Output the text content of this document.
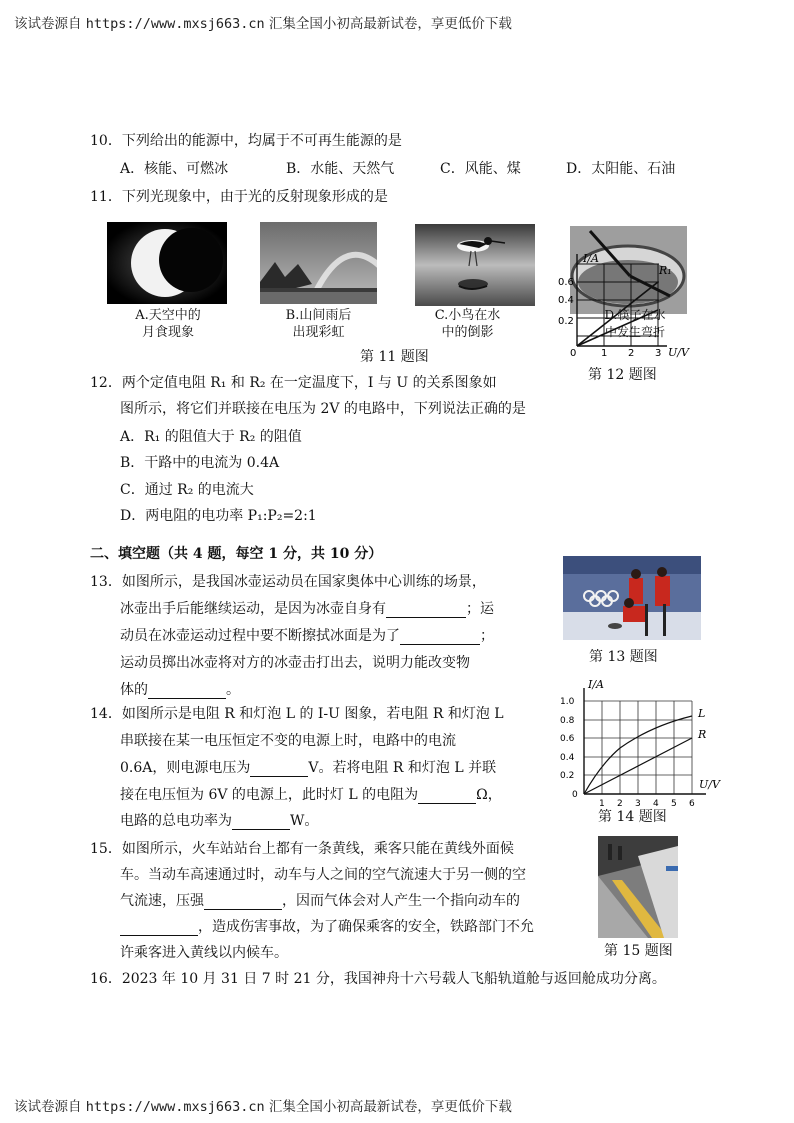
该试卷源自 https://www.mxsj663.cn 汇集全国小初高最新试卷，享更低价下载
10．下列给出的能源中，均属于不可再生能源的是
A．核能、可燃冰	B．水能、天然气	C．风能、煤	D．太阳能、石油
11．下列光现象中，由于光的反射现象形成的是
A.天空中的
月食现象
B.山间雨后
出现彩虹
C.小鸟在水
中的倒影
第 11 题图
D.筷子在水
中发生弯折
I/A
R₁
0.6
0.4
0.2
0 1 2 3 U/V
第 12 题图
12．两个定值电阻 R₁ 和 R₂ 在一定温度下，I 与 U 的关系图象如
图所示，将它们并联接在电压为 2V 的电路中，下列说法正确的是
A．R₁ 的阻值大于 R₂ 的阻值
B．干路中的电流为 0.4A
C．通过 R₂ 的电流大
D．两电阻的电功率 P₁:P₂=2:1
二、填空题（共 4 题，每空 1 分，共 10 分）
13．如图所示，是我国冰壶运动员在国家奥体中心训练的场景，
冰壶出手后能继续运动，是因为冰壶自身有	；运
动员在冰壶运动过程中要不断擦拭冰面是为了	；
运动员掷出冰壶将对方的冰壶击打出去，说明力能改变物
体的	。
第 13 题图
14．如图所示是电阻 R 和灯泡 L 的 I-U 图象，若电阻 R 和灯泡 L
串联接在某一电压恒定不变的电源上时，电路中的电流
0.6A，则电源电压为	V。若将电阻 R 和灯泡 L 并联
接在电压恒为 6V 的电源上，此时灯 L 的电阻为	Ω，
电路的总电功率为	W。
I/A
L
R
1.0
0.8
0.6
0.4
0.2
0
1 2 3 4 5 6
U/V
第 14 题图
15．如图所示，火车站站台上都有一条黄线，乘客只能在黄线外面候
车。当动车高速通过时，动车与人之间的空气流速大于另一侧的空
气流速，压强	，因而气体会对人产生一个指向动车的
，造成伤害事故，为了确保乘客的安全，铁路部门不允
许乘客进入黄线以内候车。	第 15 题图
16．2023 年 10 月 31 日 7 时 21 分，我国神舟十六号载人飞船轨道舱与返回舱成功分离。
该试卷源自 https://www.mxsj663.cn 汇集全国小初高最新试卷，享更低价下载
